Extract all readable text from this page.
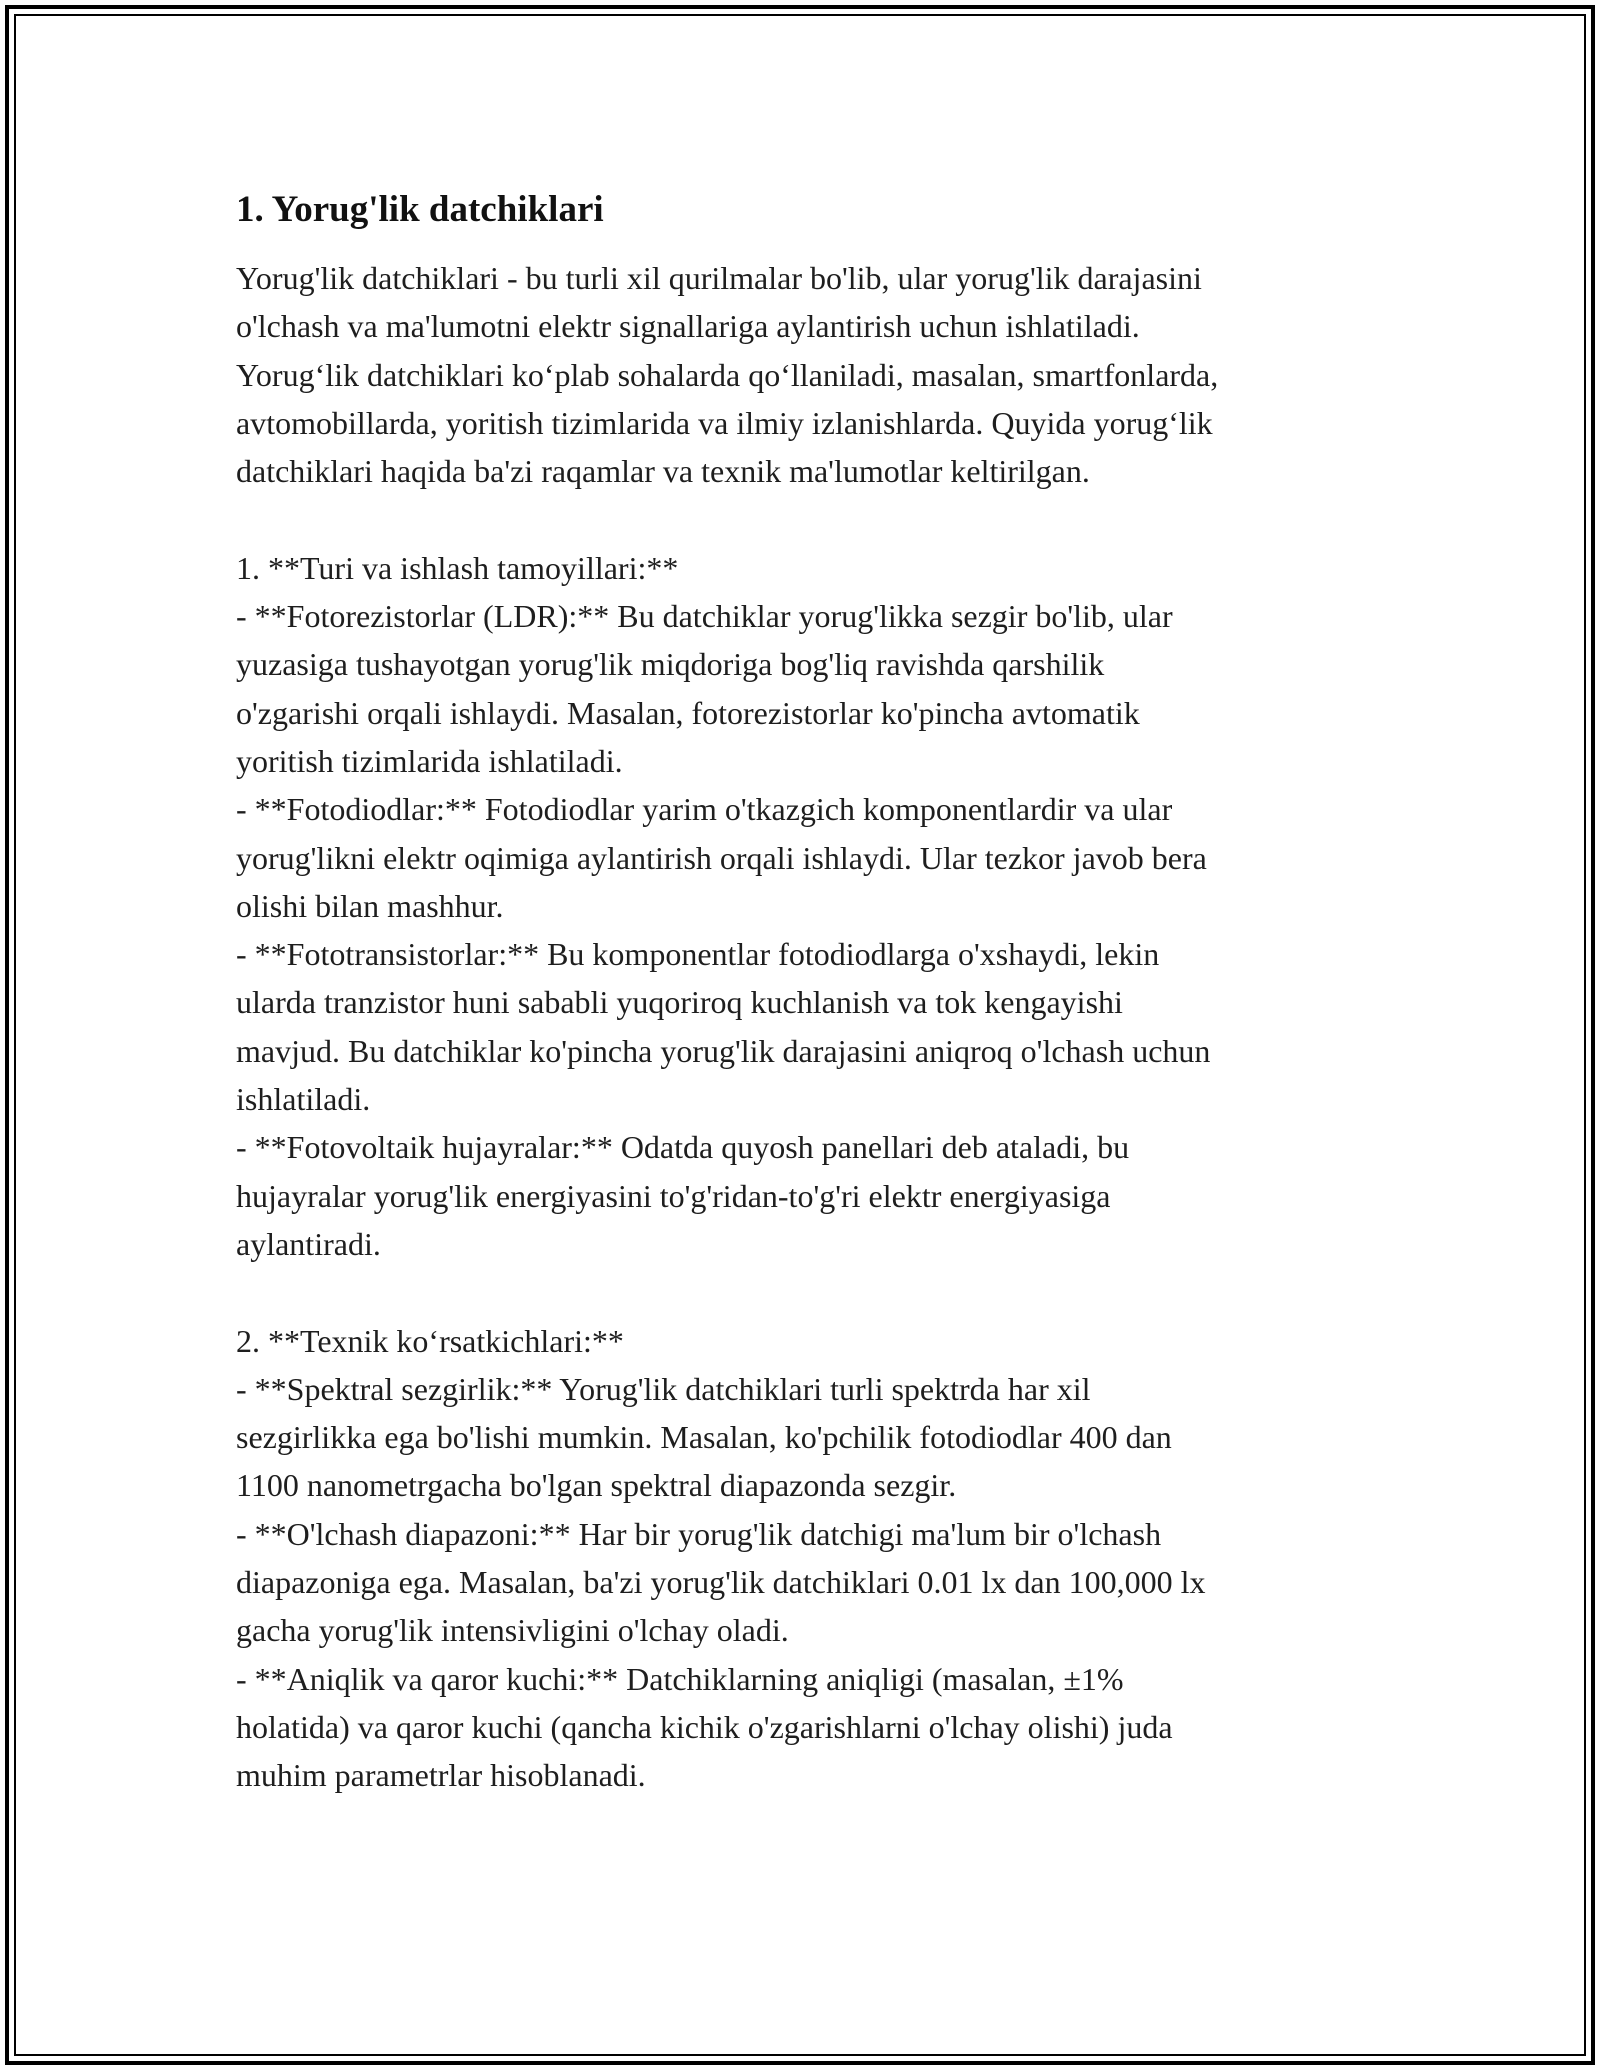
1. Yorug'lik datchiklari

Yorug'lik datchiklari - bu turli xil qurilmalar bo'lib, ular yorug'lik darajasini
o'lchash va ma'lumotni elektr signallariga aylantirish uchun ishlatiladi.
Yorug‘lik datchiklari ko‘plab sohalarda qo‘llaniladi, masalan, smartfonlarda,
avtomobillarda, yoritish tizimlarida va ilmiy izlanishlarda. Quyida yorug‘lik
datchiklari haqida ba'zi raqamlar va texnik ma'lumotlar keltirilgan.

1. **Turi va ishlash tamoyillari:**
- **Fotorezistorlar (LDR):** Bu datchiklar yorug'likka sezgir bo'lib, ular
yuzasiga tushayotgan yorug'lik miqdoriga bog'liq ravishda qarshilik
o'zgarishi orqali ishlaydi. Masalan, fotorezistorlar ko'pincha avtomatik
yoritish tizimlarida ishlatiladi.
- **Fotodiodlar:** Fotodiodlar yarim o'tkazgich komponentlardir va ular
yorug'likni elektr oqimiga aylantirish orqali ishlaydi. Ular tezkor javob bera
olishi bilan mashhur.
- **Fototransistorlar:** Bu komponentlar fotodiodlarga o'xshaydi, lekin
ularda tranzistor huni sababli yuqoriroq kuchlanish va tok kengayishi
mavjud. Bu datchiklar ko'pincha yorug'lik darajasini aniqroq o'lchash uchun
ishlatiladi.
- **Fotovoltaik hujayralar:** Odatda quyosh panellari deb ataladi, bu
hujayralar yorug'lik energiyasini to'g'ridan-to'g'ri elektr energiyasiga
aylantiradi.

2. **Texnik ko‘rsatkichlari:**
- **Spektral sezgirlik:** Yorug'lik datchiklari turli spektrda har xil
sezgirlikka ega bo'lishi mumkin. Masalan, ko'pchilik fotodiodlar 400 dan
1100 nanometrgacha bo'lgan spektral diapazonda sezgir.
- **O'lchash diapazoni:** Har bir yorug'lik datchigi ma'lum bir o'lchash
diapazoniga ega. Masalan, ba'zi yorug'lik datchiklari 0.01 lx dan 100,000 lx
gacha yorug'lik intensivligini o'lchay oladi.
- **Aniqlik va qaror kuchi:** Datchiklarning aniqligi (masalan, ±1%
holatida) va qaror kuchi (qancha kichik o'zgarishlarni o'lchay olishi) juda
muhim parametrlar hisoblanadi.
